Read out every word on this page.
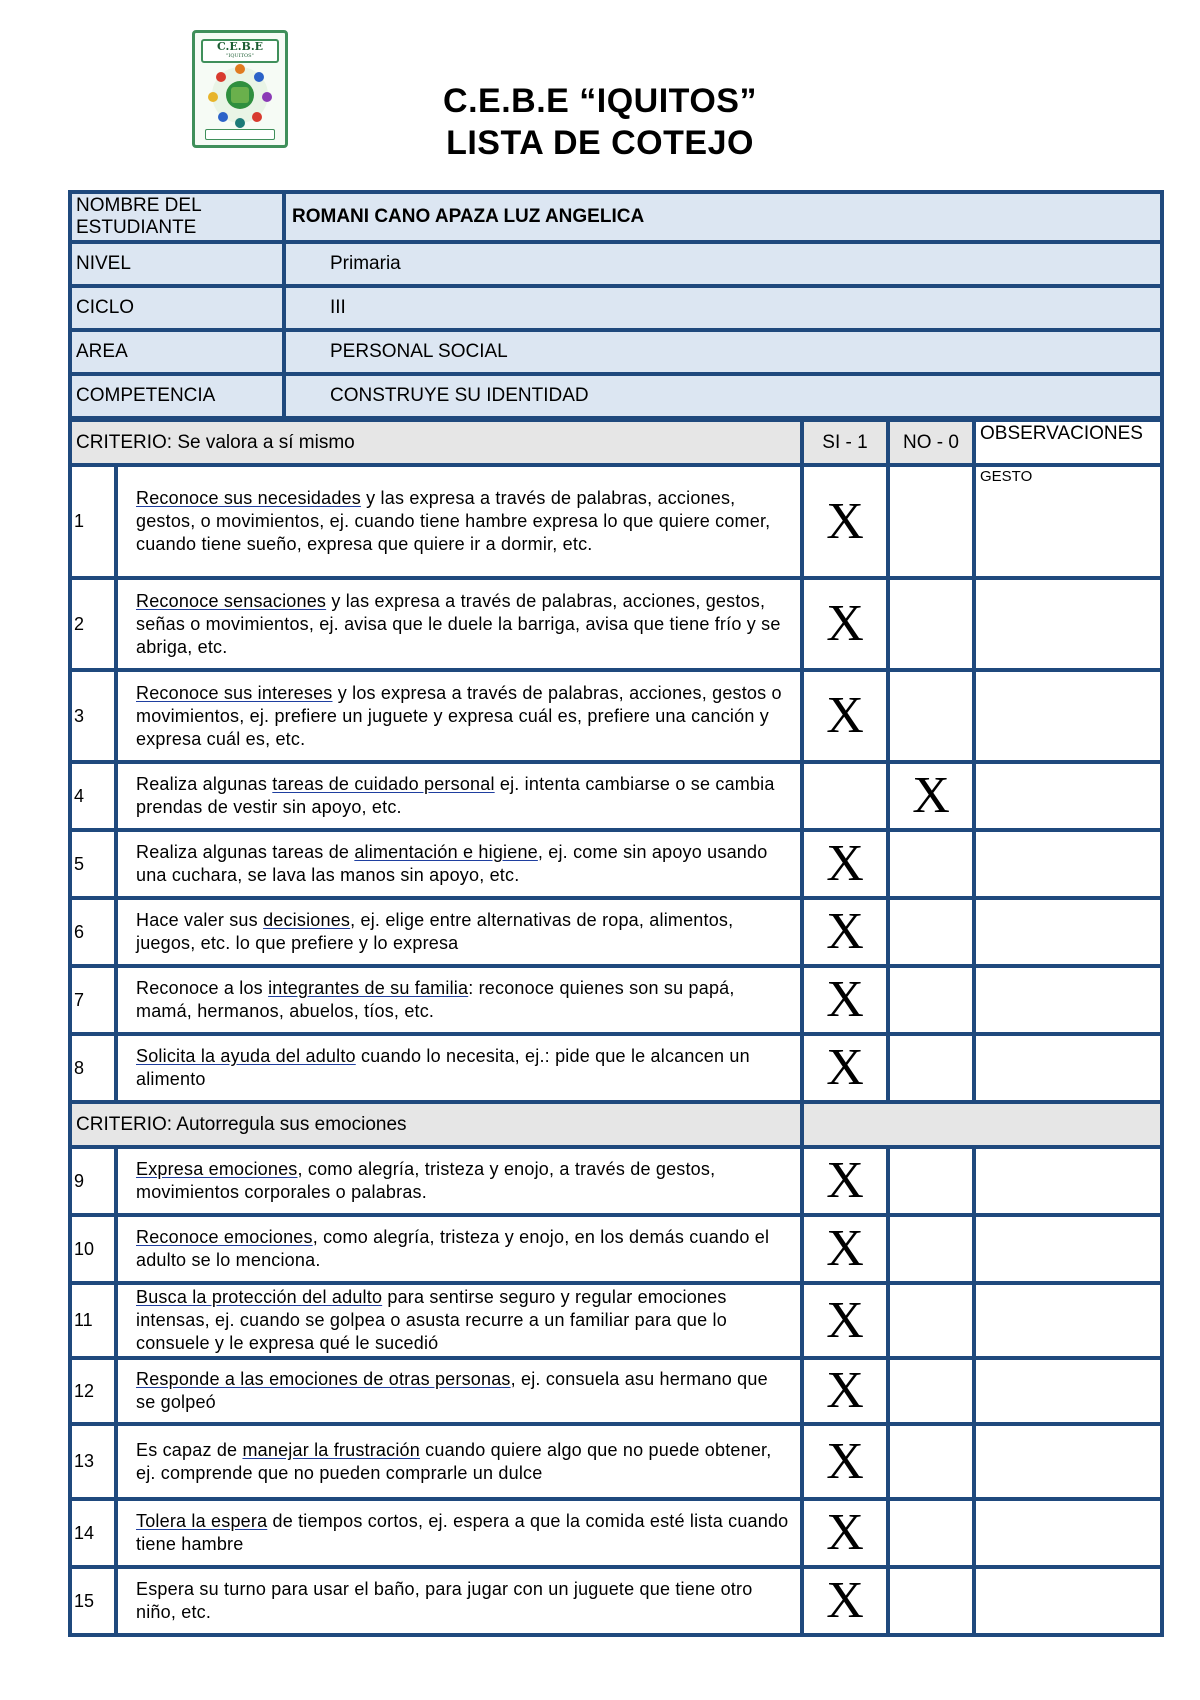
C.E.B.E
"IQUITOS"
C.E.B.E “IQUITOS”
LISTA DE COTEJO
NOMBRE DEL ESTUDIANTE	ROMANI CANO APAZA LUZ ANGELICA
NIVEL	Primaria
CICLO	III
AREA	PERSONAL SOCIAL
COMPETENCIA	CONSTRUYE SU IDENTIDAD
CRITERIO: Se valora a sí mismo		SI - 1	NO - 0	OBSERVACIONES
1	Reconoce sus necesidades y las expresa a través de palabras, acciones, gestos, o movimientos, ej. cuando tiene hambre expresa lo que quiere comer, cuando tiene sueño, expresa que quiere ir a dormir, etc.	X		GESTO

2	Reconoce sensaciones y las expresa a través de palabras, acciones, gestos, señas o movimientos, ej. avisa que le duele la barriga, avisa que tiene frío y se abriga, etc.	X		

3	Reconoce sus intereses y los expresa a través de palabras, acciones, gestos o movimientos, ej. prefiere un juguete y expresa cuál es, prefiere una canción y expresa cuál es, etc.	X		

4	Realiza algunas tareas de cuidado personal ej. intenta cambiarse o se cambia prendas de vestir sin apoyo, etc.		X	

5	Realiza algunas tareas de alimentación e higiene, ej. come sin apoyo usando una cuchara, se lava las manos sin apoyo, etc.	X		

6	Hace valer sus decisiones, ej. elige entre alternativas de ropa, alimentos, juegos, etc. lo que prefiere y lo expresa	X		

7	Reconoce a los integrantes de su familia: reconoce quienes son su papá, mamá, hermanos, abuelos, tíos, etc.	X		

8	Solicita la ayuda del adulto cuando lo necesita, ej.: pide que le alcancen un alimento	X		

CRITERIO: Autorregula sus emociones				
9	Expresa emociones, como alegría, tristeza y enojo, a través de gestos, movimientos corporales o palabras.	X		

10	Reconoce emociones, como alegría, tristeza y enojo, en los demás cuando el adulto se lo menciona.	X		

11	Busca la protección del adulto para sentirse seguro y regular emociones intensas, ej. cuando se golpea o asusta recurre a un familiar para que lo consuele y le expresa qué le sucedió	X		

12	Responde a las emociones de otras personas, ej. consuela asu hermano que se golpeó	X		

13	Es capaz de manejar la frustración cuando quiere algo que no puede obtener, ej. comprende que no pueden comprarle un dulce	X		

14	Tolera la espera de tiempos cortos, ej. espera a que la comida esté lista cuando tiene hambre	X		

15	Espera su turno para usar el baño, para jugar con un juguete que tiene otro niño, etc.	X		
